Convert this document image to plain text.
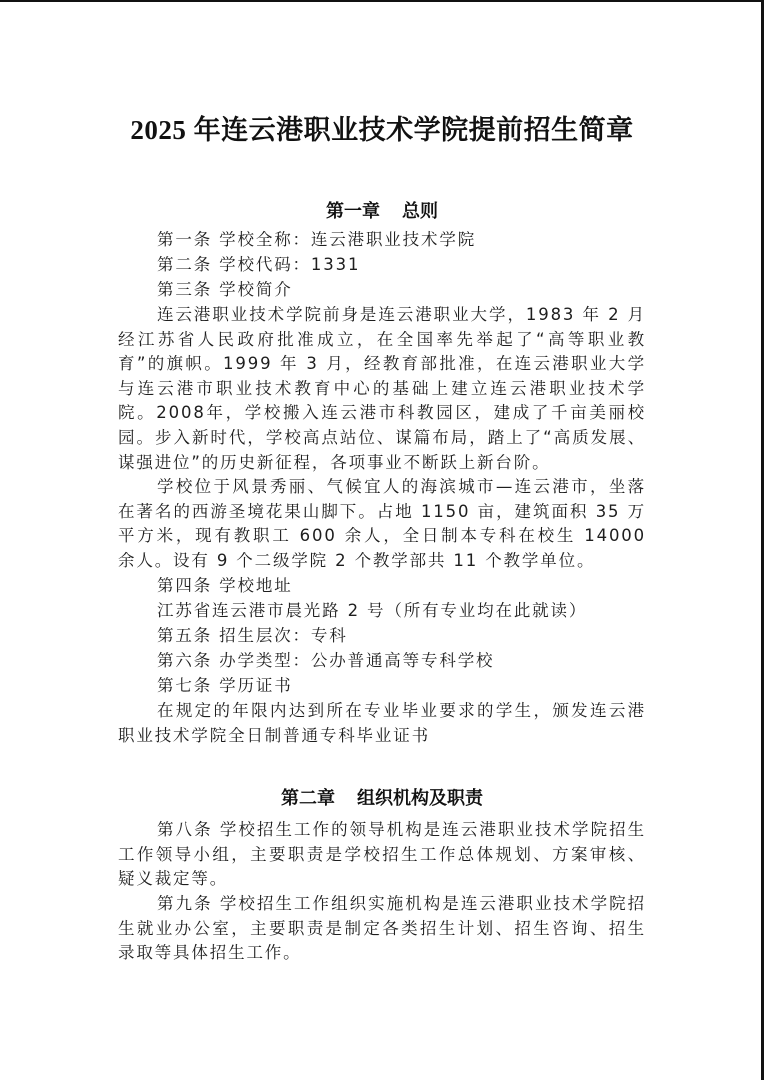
2025 年连云港职业技术学院提前招生简章
第一章 总则
第一条 学校全称：连云港职业技术学院
第二条 学校代码：1331
第三条 学校简介
连云港职业技术学院前身是连云港职业大学，1983 年 2 月经江苏省人民政府批准成立，在全国率先举起了“高等职业教育”的旗帜。1999 年 3 月，经教育部批准，在连云港职业大学与连云港市职业技术教育中心的基础上建立连云港职业技术学院。2008年，学校搬入连云港市科教园区，建成了千亩美丽校园。步入新时代，学校高点站位、谋篇布局，踏上了“高质发展、谋强进位”的历史新征程，各项事业不断跃上新台阶。
学校位于风景秀丽、气候宜人的海滨城市—连云港市，坐落在著名的西游圣境花果山脚下。占地 1150 亩，建筑面积 35 万平方米，现有教职工 600 余人，全日制本专科在校生 14000 余人。设有 9 个二级学院 2 个教学部共 11 个教学单位。
第四条 学校地址
江苏省连云港市晨光路 2 号（所有专业均在此就读）
第五条 招生层次：专科
第六条 办学类型：公办普通高等专科学校
第七条 学历证书
在规定的年限内达到所在专业毕业要求的学生，颁发连云港职业技术学院全日制普通专科毕业证书
第二章 组织机构及职责
第八条 学校招生工作的领导机构是连云港职业技术学院招生工作领导小组，主要职责是学校招生工作总体规划、方案审核、疑义裁定等。
第九条 学校招生工作组织实施机构是连云港职业技术学院招生就业办公室，主要职责是制定各类招生计划、招生咨询、招生录取等具体招生工作。
